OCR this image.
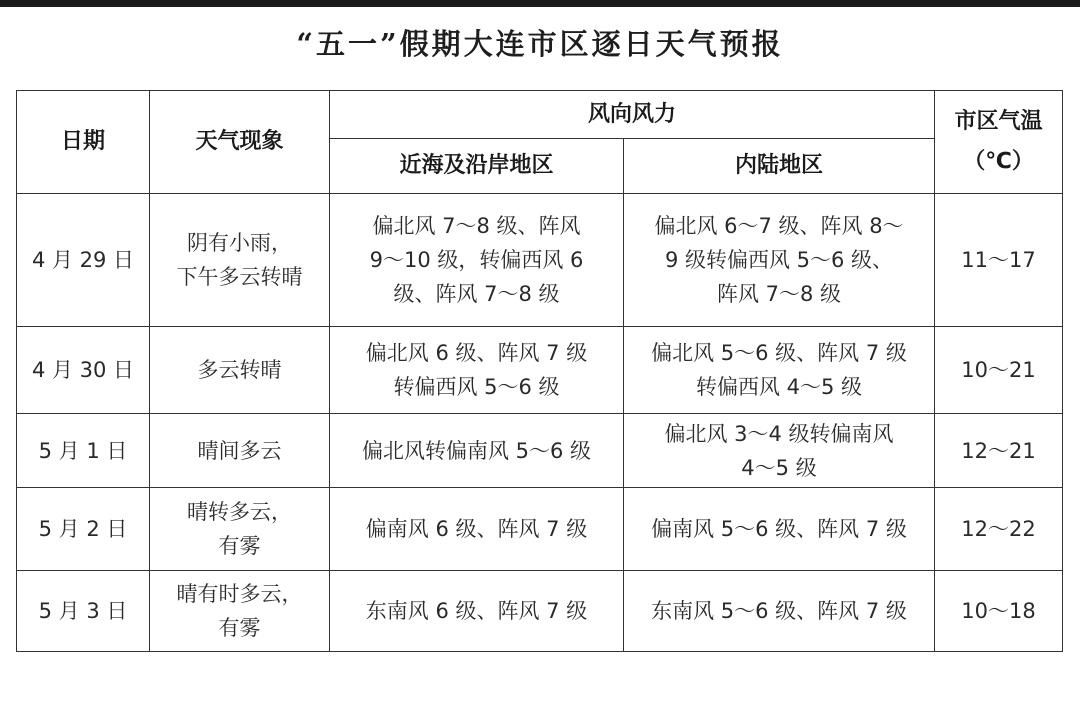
“五一”假期大连市区逐日天气预报
日期	天气现象	风向风力		市区气温
（℃）

		近海及沿岸地区	内陆地区	
4 月 29 日	阴有小雨，
下午多云转晴	偏北风 7～8 级、阵风
9～10 级，转偏西风 6
级、阵风 7～8 级	偏北风 6～7 级、阵风 8～
9 级转偏西风 5～6 级、
阵风 7～8 级	11～17
4 月 30 日	多云转晴	偏北风 6 级、阵风 7 级
转偏西风 5～6 级	偏北风 5～6 级、阵风 7 级
转偏西风 4～5 级	10～21
5 月 1 日	晴间多云	偏北风转偏南风 5～6 级	偏北风 3～4 级转偏南风
4～5 级	12～21
5 月 2 日	晴转多云，
有雾	偏南风 6 级、阵风 7 级	偏南风 5～6 级、阵风 7 级	12～22
5 月 3 日	晴有时多云，
有雾	东南风 6 级、阵风 7 级	东南风 5～6 级、阵风 7 级	10～18
